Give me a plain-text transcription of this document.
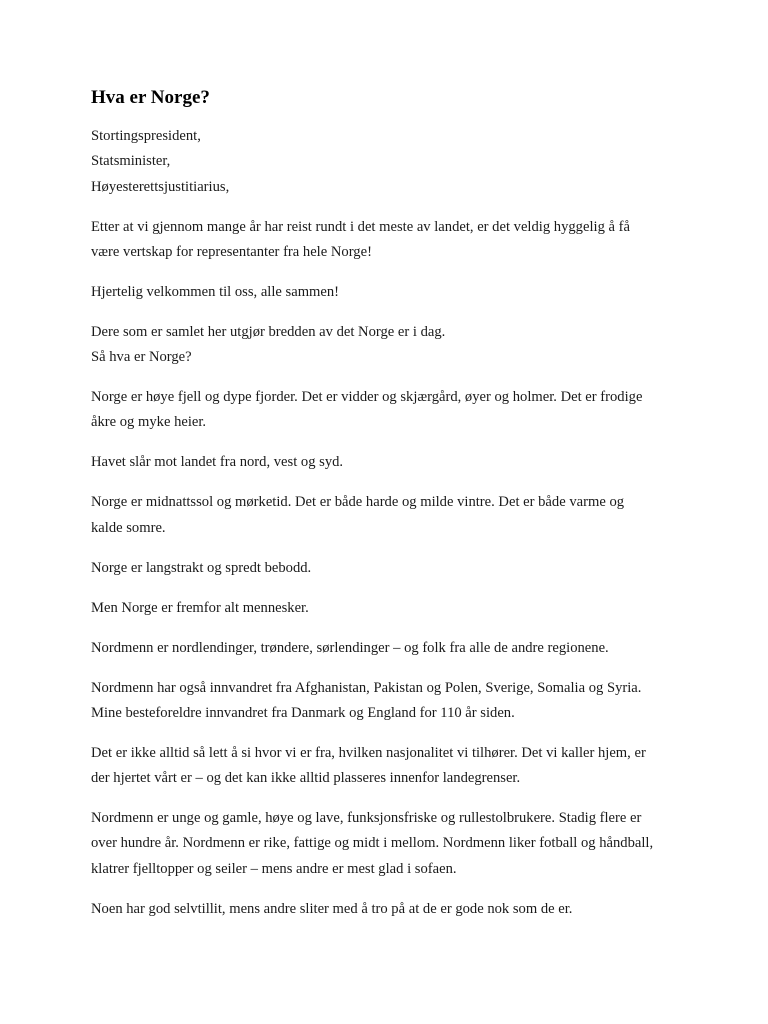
Hva er Norge?

Stortingspresident,
Statsminister,
Høyesterettsjustitiarius,

Etter at vi gjennom mange år har reist rundt i det meste av landet, er det veldig hyggelig å få
være vertskap for representanter fra hele Norge!

Hjertelig velkommen til oss, alle sammen!

Dere som er samlet her utgjør bredden av det Norge er i dag.
Så hva er Norge?

Norge er høye fjell og dype fjorder. Det er vidder og skjærgård, øyer og holmer. Det er frodige
åkre og myke heier.

Havet slår mot landet fra nord, vest og syd.

Norge er midnattssol og mørketid. Det er både harde og milde vintre. Det er både varme og
kalde somre.

Norge er langstrakt og spredt bebodd.

Men Norge er fremfor alt mennesker.

Nordmenn er nordlendinger, trøndere, sørlendinger – og folk fra alle de andre regionene.

Nordmenn har også innvandret fra Afghanistan, Pakistan og Polen, Sverige, Somalia og Syria.
Mine besteforeldre innvandret fra Danmark og England for 110 år siden.

Det er ikke alltid så lett å si hvor vi er fra, hvilken nasjonalitet vi tilhører. Det vi kaller hjem, er
der hjertet vårt er – og det kan ikke alltid plasseres innenfor landegrenser.

Nordmenn er unge og gamle, høye og lave, funksjonsfriske og rullestolbrukere. Stadig flere er
over hundre år. Nordmenn er rike, fattige og midt i mellom. Nordmenn liker fotball og håndball,
klatrer fjelltopper og seiler – mens andre er mest glad i sofaen.

Noen har god selvtillit, mens andre sliter med å tro på at de er gode nok som de er.
